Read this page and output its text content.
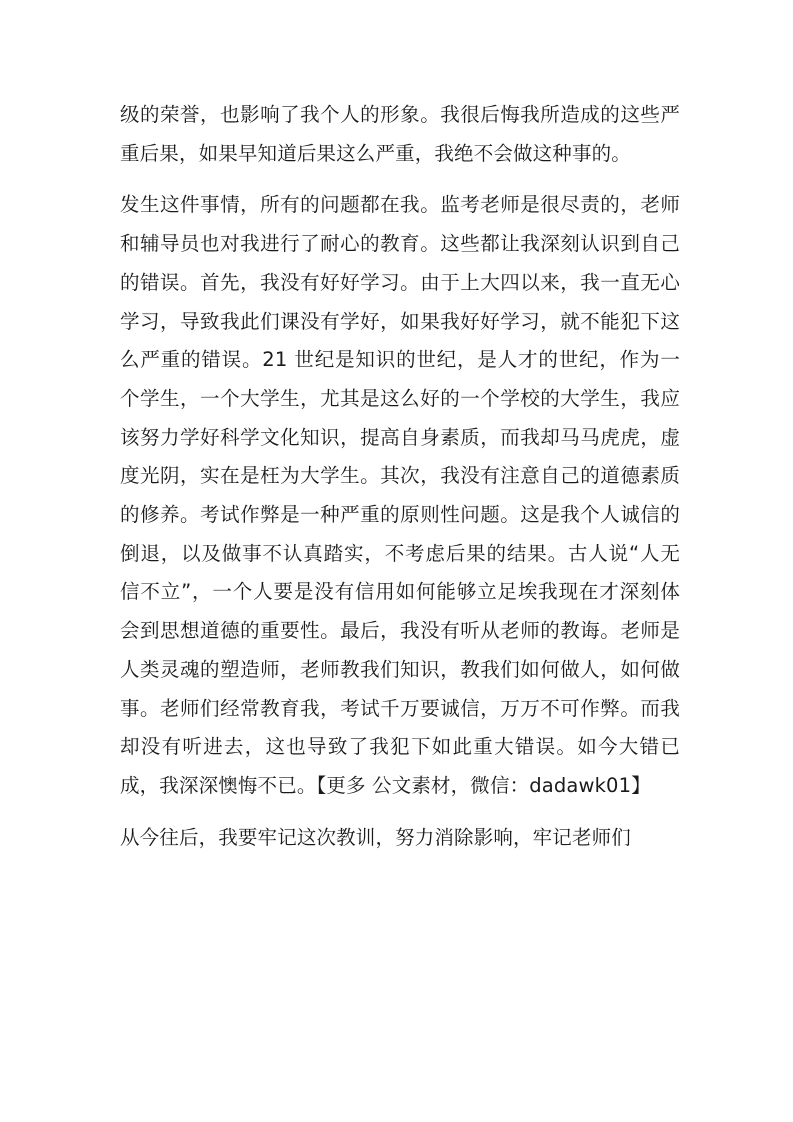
级的荣誉，也影响了我个人的形象。我很后悔我所造成的这些严重后果，如果早知道后果这么严重，我绝不会做这种事的。

发生这件事情，所有的问题都在我。监考老师是很尽责的，老师和辅导员也对我进行了耐心的教育。这些都让我深刻认识到自己的错误。首先，我没有好好学习。由于上大四以来，我一直无心学习，导致我此们课没有学好，如果我好好学习，就不能犯下这么严重的错误。21 世纪是知识的世纪，是人才的世纪，作为一个学生，一个大学生，尤其是这么好的一个学校的大学生，我应该努力学好科学文化知识，提高自身素质，而我却马马虎虎，虚度光阴，实在是枉为大学生。其次，我没有注意自己的道德素质的修养。考试作弊是一种严重的原则性问题。这是我个人诚信的倒退，以及做事不认真踏实，不考虑后果的结果。古人说“人无信不立”，一个人要是没有信用如何能够立足埃我现在才深刻体会到思想道德的重要性。最后，我没有听从老师的教诲。老师是人类灵魂的塑造师，老师教我们知识，教我们如何做人，如何做事。老师们经常教育我，考试千万要诚信，万万不可作弊。而我却没有听进去，这也导致了我犯下如此重大错误。如今大错已成，我深深懊悔不已。【更多 公文素材，微信：dadawk01】

从今往后，我要牢记这次教训，努力消除影响，牢记老师们
